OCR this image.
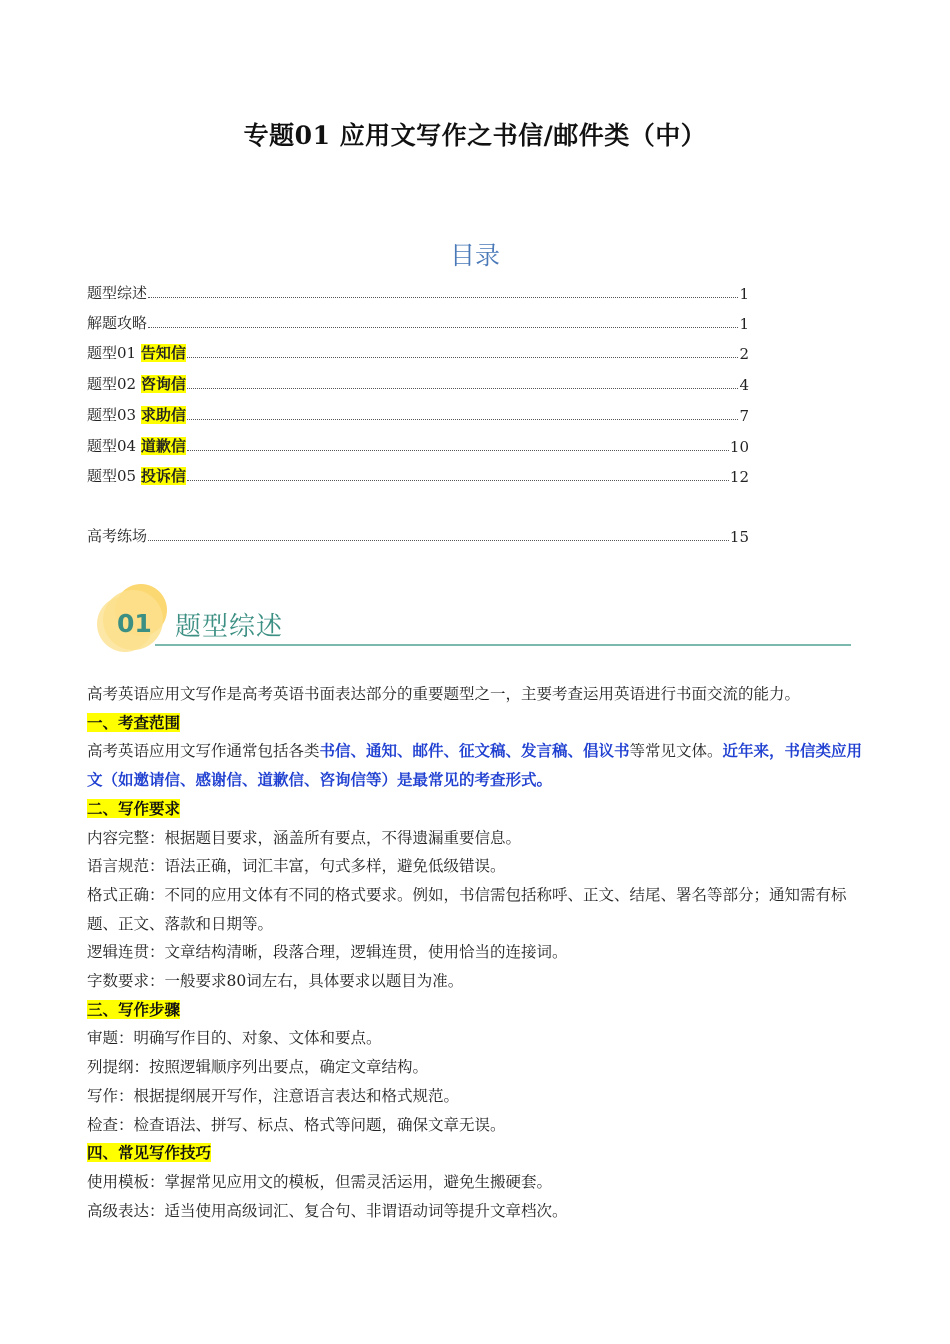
专题01 应用文写作之书信/邮件类（中）
目录
题型综述	1
解题攻略	1
题型01 告知信	2
题型02 咨询信	4
题型03 求助信	7
题型04 道歉信	10
题型05 投诉信	12
高考练场	15
01 题型综述

高考英语应用文写作是高考英语书面表达部分的重要题型之一，主要考查运用英语进行书面交流的能力。

一、考查范围

高考英语应用文写作通常包括各类书信、通知、邮件、征文稿、发言稿、倡议书等常见文体。近年来，书信类应用文（如邀请信、感谢信、道歉信、咨询信等）是最常见的考查形式。

二、写作要求

内容完整：根据题目要求，涵盖所有要点，不得遗漏重要信息。

语言规范：语法正确，词汇丰富，句式多样，避免低级错误。

格式正确：不同的应用文体有不同的格式要求。例如，书信需包括称呼、正文、结尾、署名等部分；通知需有标题、正文、落款和日期等。

逻辑连贯：文章结构清晰，段落合理，逻辑连贯，使用恰当的连接词。

字数要求：一般要求80词左右，具体要求以题目为准。

三、写作步骤

审题：明确写作目的、对象、文体和要点。

列提纲：按照逻辑顺序列出要点，确定文章结构。

写作：根据提纲展开写作，注意语言表达和格式规范。

检查：检查语法、拼写、标点、格式等问题，确保文章无误。

四、常见写作技巧

使用模板：掌握常见应用文的模板，但需灵活运用，避免生搬硬套。

高级表达：适当使用高级词汇、复合句、非谓语动词等提升文章档次。
